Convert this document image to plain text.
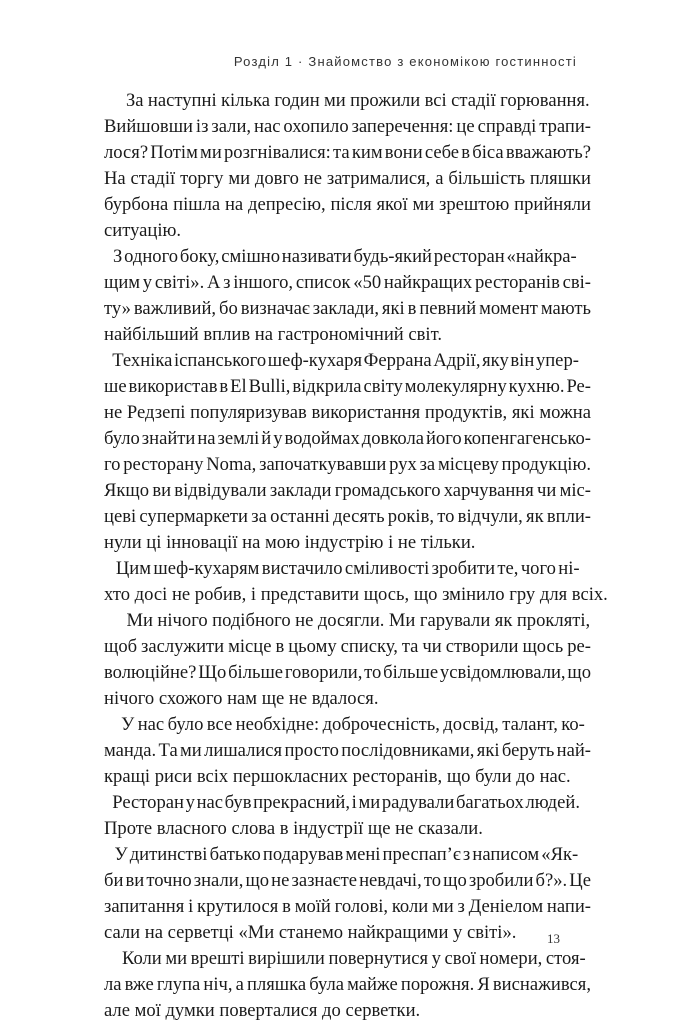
Розділ 1 · Знайомство з економікою гостинності
За наступні кілька годин ми прожили всі стадії горювання.
Вийшовши із зали, нас охопило заперечення: це справді трапи-
лося? Потім ми розгнівалися: та ким вони себе в біса вважають?
На стадії торгу ми довго не затрималися, а більшість пляшки
бурбона пішла на депресію, після якої ми зрештою прийняли
ситуацію.
З одного боку, смішно називати будь-який ресторан «найкра-
щим у світі». А з іншого, список «50 найкращих ресторанів сві-
ту» важливий, бо визначає заклади, які в певний момент мають
найбільший вплив на гастрономічний світ.
Техніка іспанського шеф-кухаря Феррана Адрії, яку він упер-
ше використав в El Bulli, відкрила світу молекулярну кухню. Ре-
не Редзепі популяризував використання продуктів, які можна
було знайти на землі й у водоймах довкола його копенгагенсько-
го ресторану Noma, започаткувавши рух за місцеву продукцію.
Якщо ви відвідували заклади громадського харчування чи міс-
цеві супермаркети за останні десять років, то відчули, як впли-
нули ці інновації на мою індустрію і не тільки.
Цим шеф-кухарям вистачило сміливості зробити те, чого ні-
хто досі не робив, і представити щось, що змінило гру для всіх.
Ми нічого подібного не досягли. Ми гарували як прокляті,
щоб заслужити місце в цьому списку, та чи створили щось ре-
волюційне? Що більше говорили, то більше усвідомлювали, що
нічого схожого нам ще не вдалося.
У нас було все необхідне: доброчесність, досвід, талант, ко-
манда. Та ми лишалися просто послідовниками, які беруть най-
кращі риси всіх першокласних ресторанів, що були до нас.
Ресторан у нас був прекрасний, і ми радували багатьох людей.
Проте власного слова в індустрії ще не сказали.
У дитинстві батько подарував мені преспап’є з написом «Як-
би ви точно знали, що не зазнаєте невдачі, то що зробили б?». Це
запитання і крутилося в моїй голові, коли ми з Деніелом напи-
сали на серветці «Ми станемо найкращими у світі».
Коли ми врешті вирішили повернутися у свої номери, стоя-
ла вже глупа ніч, а пляшка була майже порожня. Я виснажився,
але мої думки поверталися до серветки.
13
